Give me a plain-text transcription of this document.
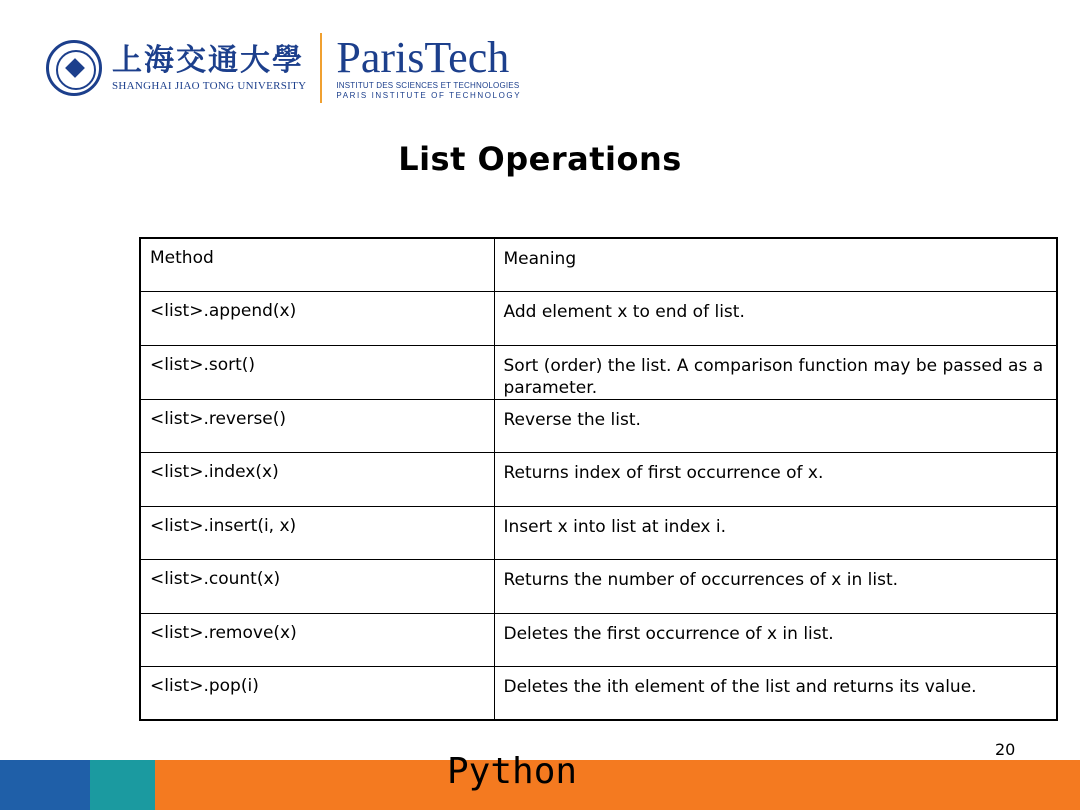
上海交通大學
SHANGHAI JIAO TONG UNIVERSITY
ParisTech
INSTITUT DES SCIENCES ET TECHNOLOGIES
PARIS INSTITUTE OF TECHNOLOGY
List Operations
Method	Meaning
<list>.append(x)	Add element x to end of list.
<list>.sort()	Sort (order) the list. A comparison function may be passed as a parameter.
<list>.reverse()	Reverse the list.
<list>.index(x)	Returns index of first occurrence of x.
<list>.insert(i, x)	Insert x into list at index i.
<list>.count(x)	Returns the number of occurrences of x in list.
<list>.remove(x)	Deletes the first occurrence of x in list.
<list>.pop(i)	Deletes the ith element of the list and returns its value.
Python
20
